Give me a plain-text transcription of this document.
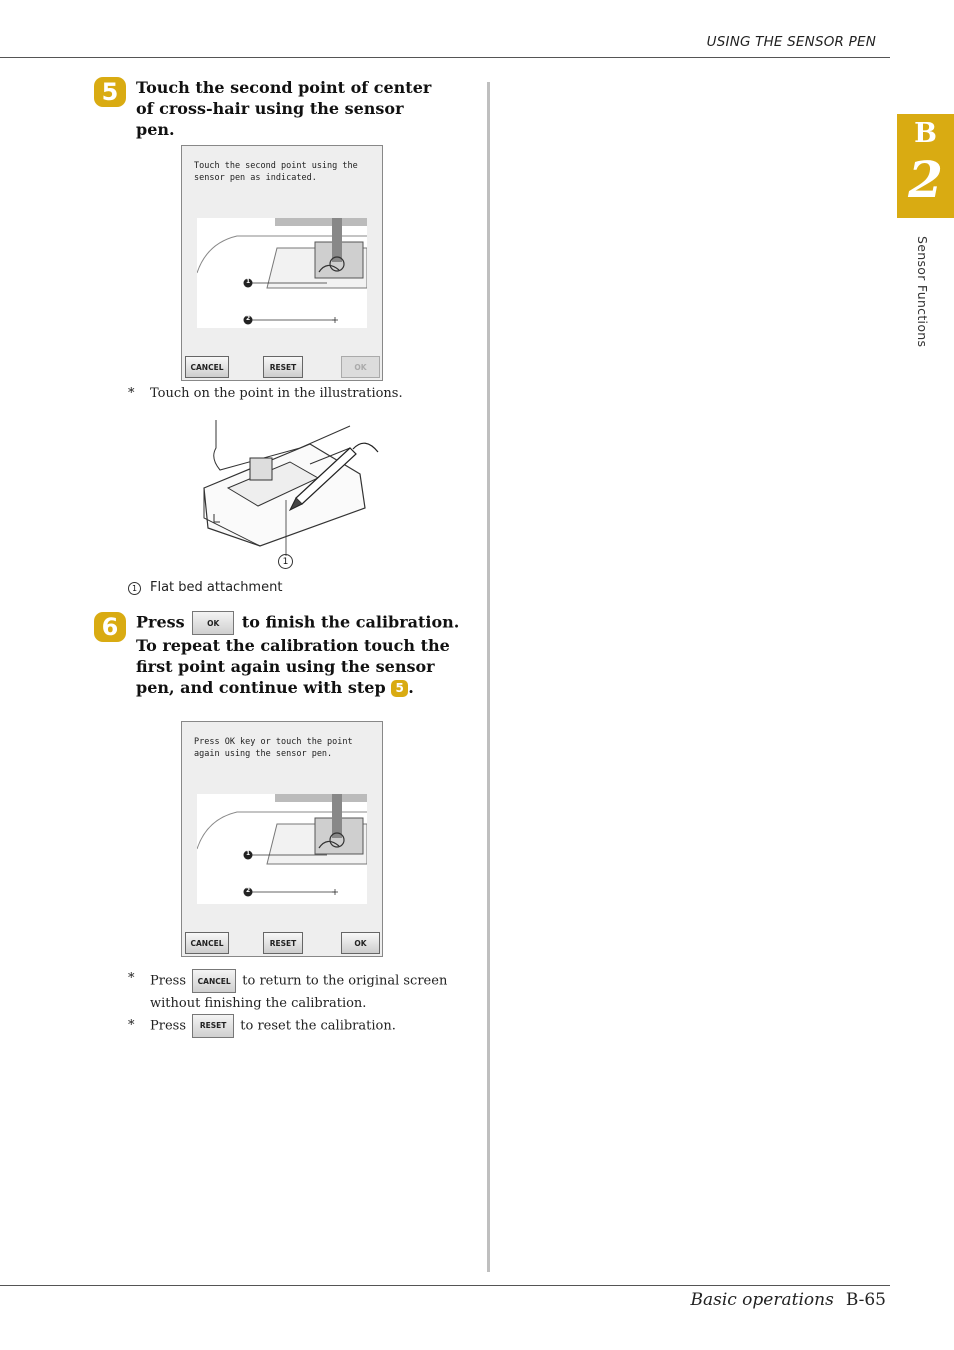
USING THE SENSOR PEN
B
2
Sensor Functions
5	Touch the second point of center of cross-hair using the sensor pen.
Touch the second point using the sensor pen as indicated.
1
2
CANCEL	RESET	OK
* Touch on the point in the illustrations.
1
1 Flat bed attachment
6	Press	OK to finish the calibration. To repeat the calibration touch the first point again using the sensor pen, and continue with step 5 .
Press OK key or touch the point again using the sensor pen.
1
2
CANCEL	RESET	OK
* Press CANCEL to return to the original screen without finishing the calibration.
* Press RESET to reset the calibration.
Basic operations B-65
